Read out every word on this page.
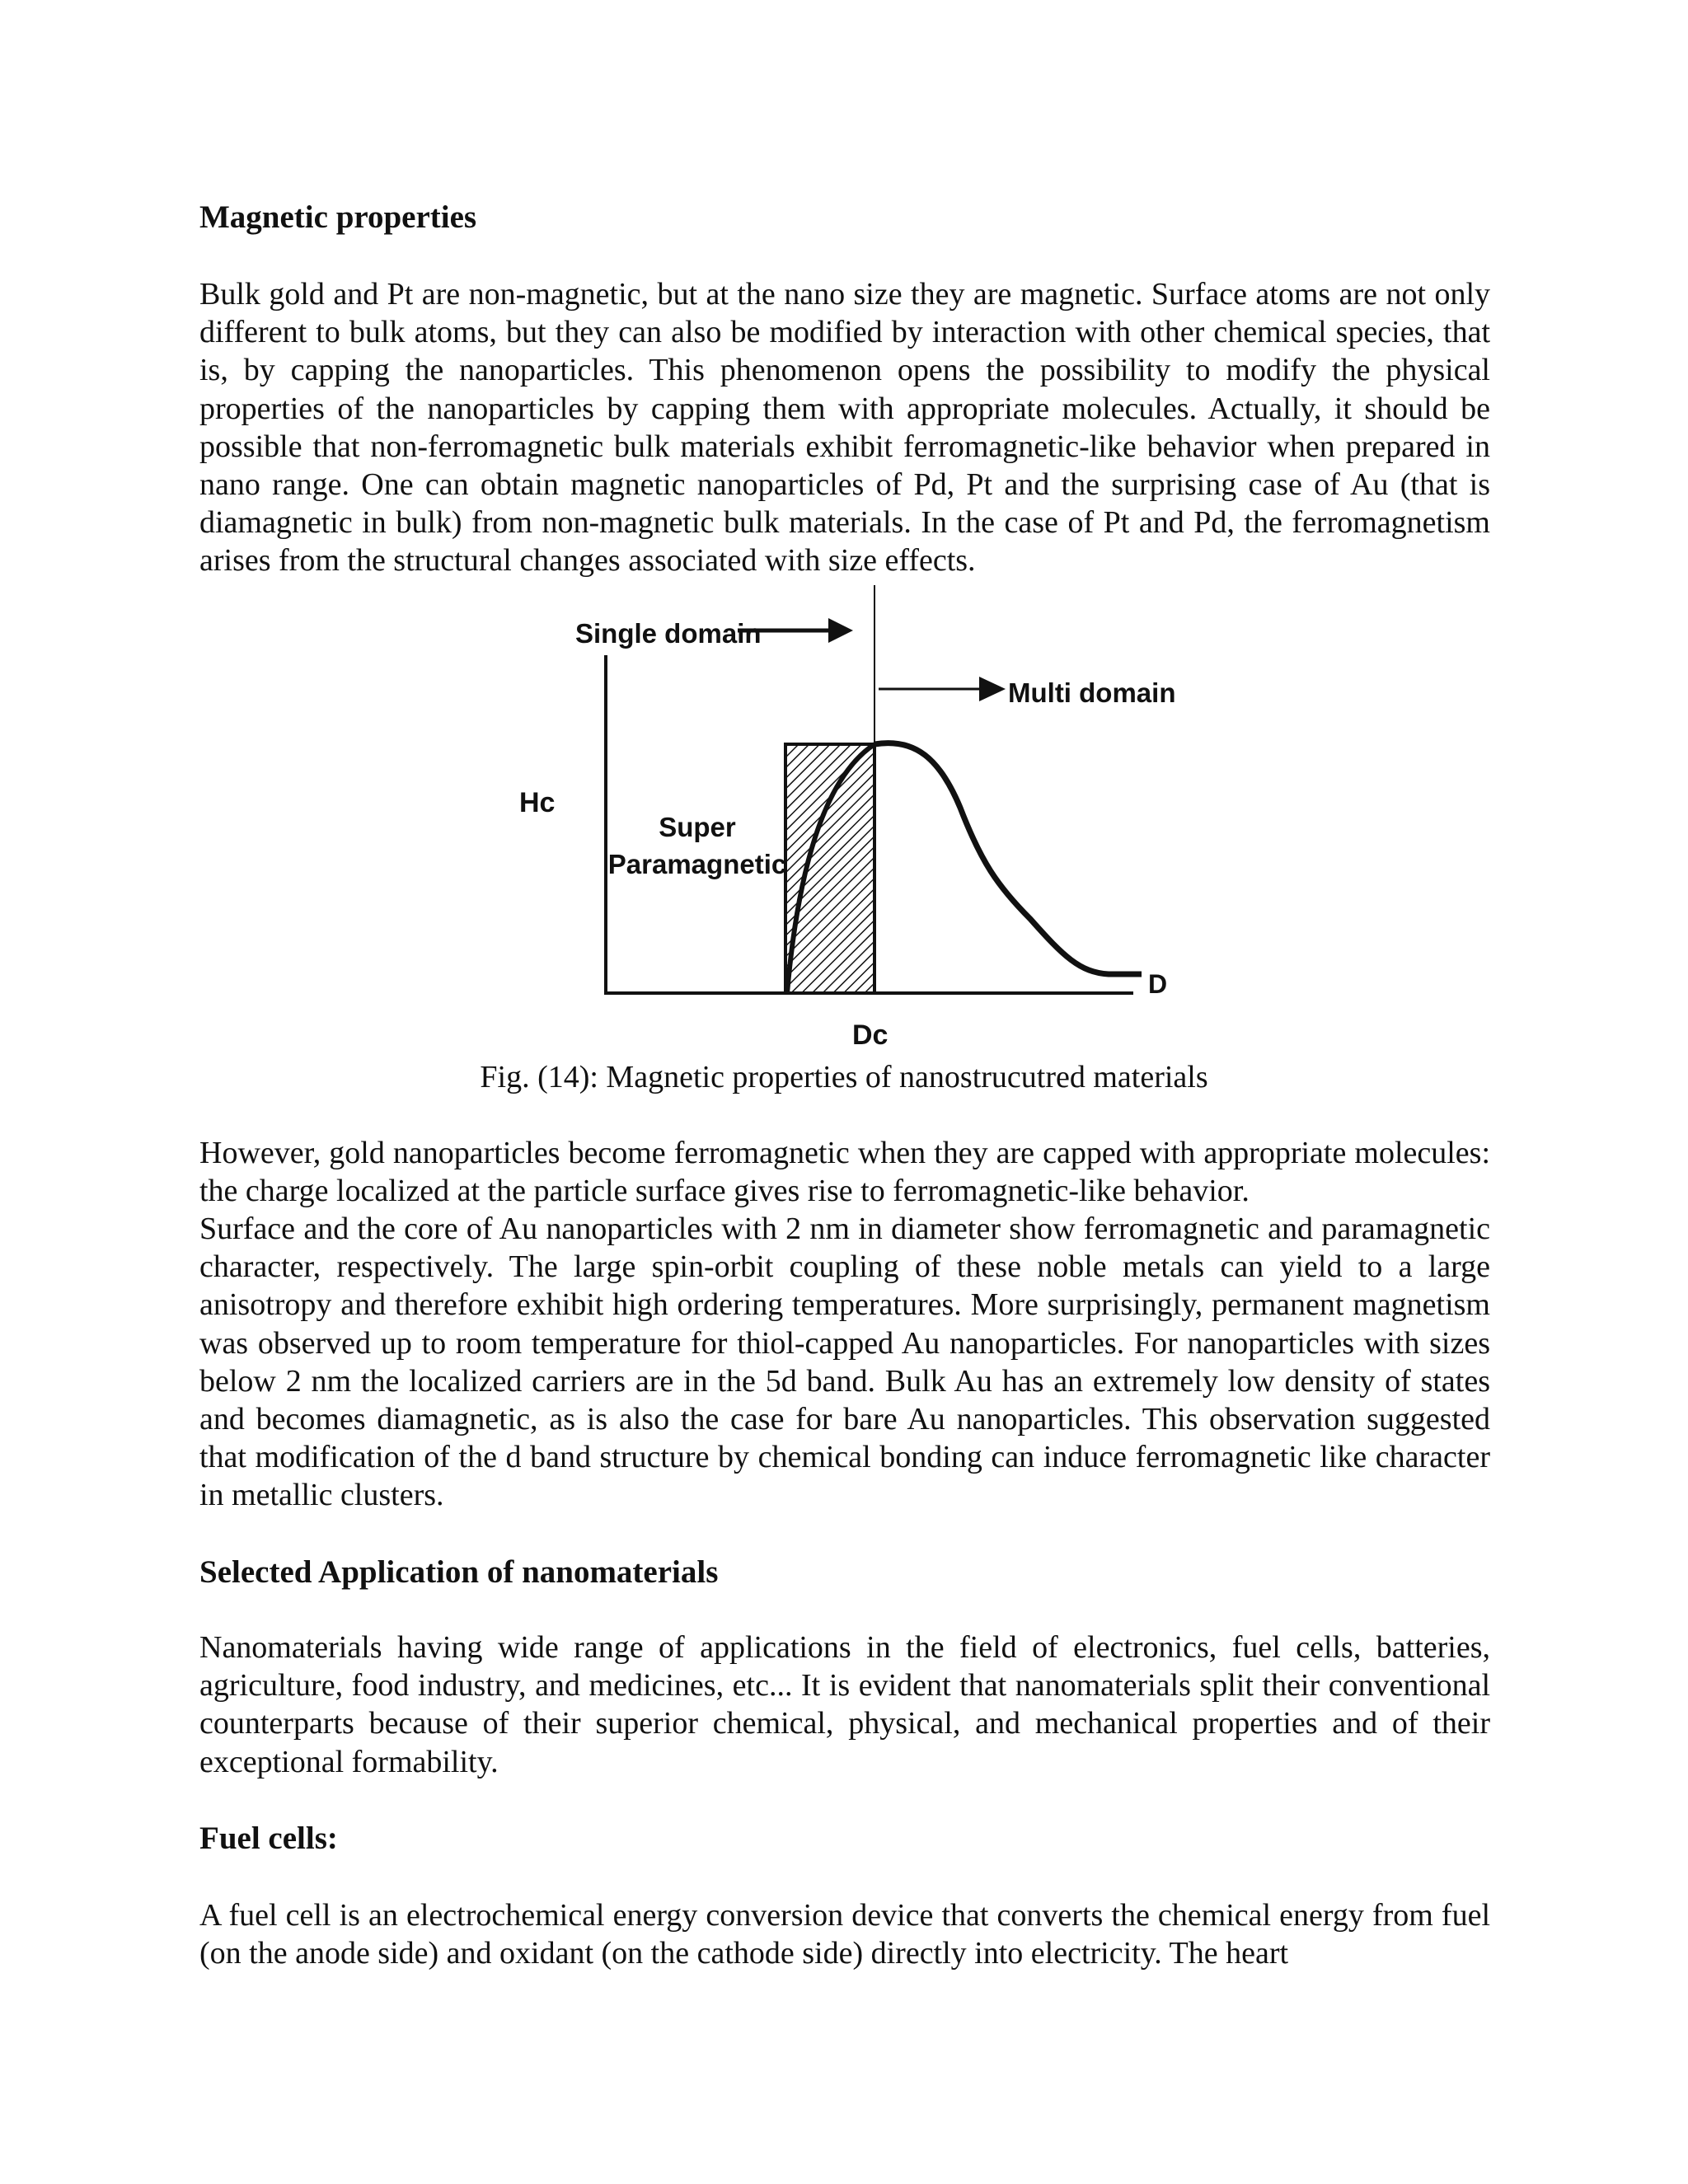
Magnetic properties

Bulk gold and Pt are non-magnetic, but at the nano size they are magnetic. Surface atoms are not only different to bulk atoms, but they can also be modified by interaction with other chemical species, that is, by capping the nanoparticles. This phenomenon opens the possibility to modify the physical properties of the nanoparticles by capping them with appropriate molecules. Actually, it should be possible that non-ferromagnetic bulk materials exhibit ferromagnetic-like behavior when prepared in nano range. One can obtain magnetic nanoparticles of Pd, Pt and the surprising case of Au (that is diamagnetic in bulk) from non-magnetic bulk materials. In the case of Pt and Pd, the ferromagnetism arises from the structural changes associated with size effects.

Single domain
Multi domain
Hc
Super
Paramagnetic
D
Dc
Fig. (14): Magnetic properties of nanostrucutred materials

However, gold nanoparticles become ferromagnetic when they are capped with appropriate molecules: the charge localized at the particle surface gives rise to ferromagnetic-like behavior.

Surface and the core of Au nanoparticles with 2 nm in diameter show ferromagnetic and paramagnetic character, respectively. The large spin-orbit coupling of these noble metals can yield to a large anisotropy and therefore exhibit high ordering temperatures. More surprisingly, permanent magnetism was observed up to room temperature for thiol-capped Au nanoparticles. For nanoparticles with sizes below 2 nm the localized carriers are in the 5d band. Bulk Au has an extremely low density of states and becomes diamagnetic, as is also the case for bare Au nanoparticles. This observation suggested that modification of the d band structure by chemical bonding can induce ferromagnetic like character in metallic clusters.

Selected Application of nanomaterials

Nanomaterials having wide range of applications in the field of electronics, fuel cells, batteries, agriculture, food industry, and medicines, etc... It is evident that nanomaterials split their conventional counterparts because of their superior chemical, physical, and mechanical properties and of their exceptional formability.

Fuel cells:

A fuel cell is an electrochemical energy conversion device that converts the chemical energy from fuel (on the anode side) and oxidant (on the cathode side) directly into electricity. The heart
